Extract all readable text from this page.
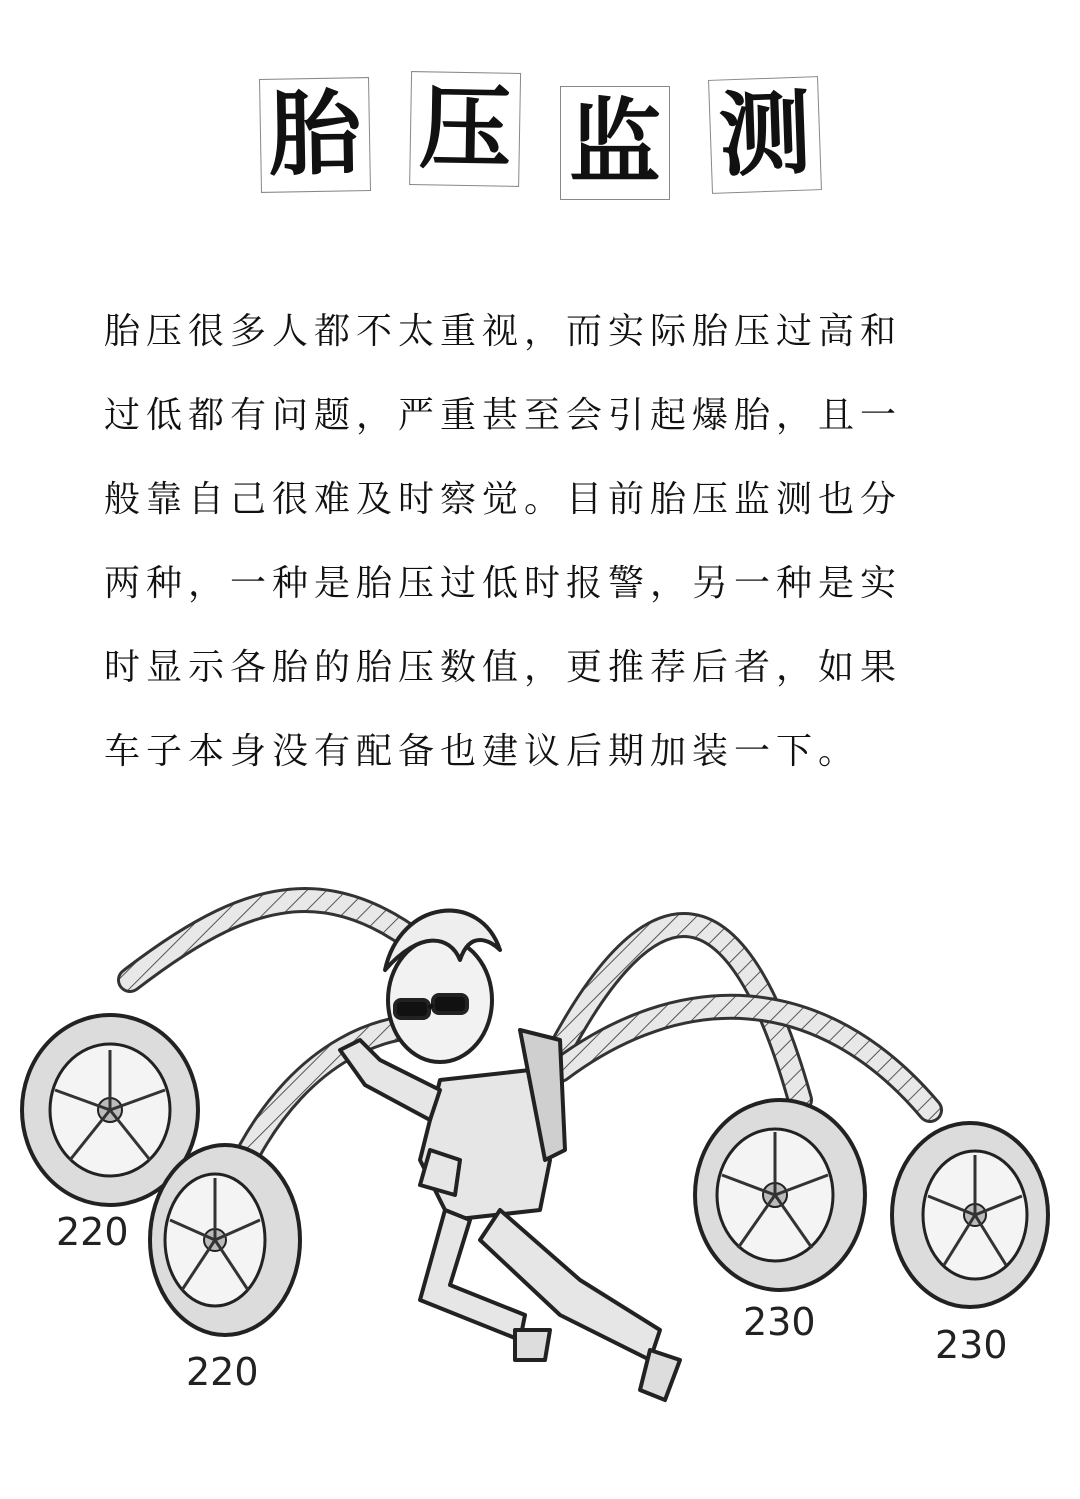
胎 压 监 测

胎压很多人都不太重视，而实际胎压过高和
过低都有问题，严重甚至会引起爆胎，且一
般靠自己很难及时察觉。目前胎压监测也分
两种，一种是胎压过低时报警，另一种是实
时显示各胎的胎压数值，更推荐后者，如果
车子本身没有配备也建议后期加装一下。

220
220
230
230
